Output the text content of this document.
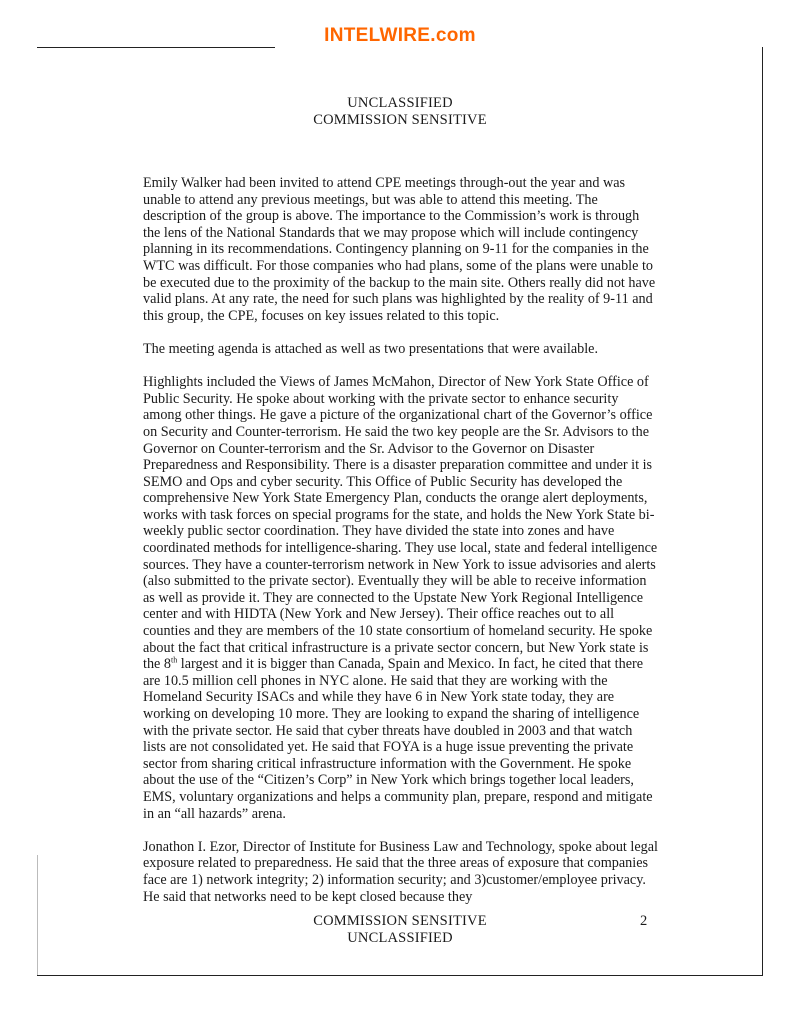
INTELWIRE.com
UNCLASSIFIED
COMMISSION SENSITIVE

Emily Walker had been invited to attend CPE meetings through-out the year and was unable to attend any previous meetings, but was able to attend this meeting. The description of the group is above. The importance to the Commission’s work is through the lens of the National Standards that we may propose which will include contingency planning in its recommendations. Contingency planning on 9-11 for the companies in the WTC was difficult. For those companies who had plans, some of the plans were unable to be executed due to the proximity of the backup to the main site. Others really did not have valid plans. At any rate, the need for such plans was highlighted by the reality of 9-11 and this group, the CPE, focuses on key issues related to this topic.

The meeting agenda is attached as well as two presentations that were available.

Highlights included the Views of James McMahon, Director of New York State Office of Public Security. He spoke about working with the private sector to enhance security among other things. He gave a picture of the organizational chart of the Governor’s office on Security and Counter-terrorism. He said the two key people are the Sr. Advisors to the Governor on Counter-terrorism and the Sr. Advisor to the Governor on Disaster Preparedness and Responsibility. There is a disaster preparation committee and under it is SEMO and Ops and cyber security. This Office of Public Security has developed the comprehensive New York State Emergency Plan, conducts the orange alert deployments, works with task forces on special programs for the state, and holds the New York State bi-weekly public sector coordination. They have divided the state into zones and have coordinated methods for intelligence-sharing. They use local, state and federal intelligence sources. They have a counter-terrorism network in New York to issue advisories and alerts (also submitted to the private sector). Eventually they will be able to receive information as well as provide it. They are connected to the Upstate New York Regional Intelligence center and with HIDTA (New York and New Jersey). Their office reaches out to all counties and they are members of the 10 state consortium of homeland security. He spoke about the fact that critical infrastructure is a private sector concern, but New York state is the 8th largest and it is bigger than Canada, Spain and Mexico. In fact, he cited that there are 10.5 million cell phones in NYC alone. He said that they are working with the Homeland Security ISACs and while they have 6 in New York state today, they are working on developing 10 more. They are looking to expand the sharing of intelligence with the private sector. He said that cyber threats have doubled in 2003 and that watch lists are not consolidated yet. He said that FOYA is a huge issue preventing the private sector from sharing critical infrastructure information with the Government. He spoke about the use of the “Citizen’s Corp” in New York which brings together local leaders, EMS, voluntary organizations and helps a community plan, prepare, respond and mitigate in an “all hazards” arena.

Jonathon I. Ezor, Director of Institute for Business Law and Technology, spoke about legal exposure related to preparedness. He said that the three areas of exposure that companies face are 1) network integrity; 2) information security; and 3)customer/employee privacy. He said that networks need to be kept closed because they

COMMISSION SENSITIVE
UNCLASSIFIED
2
